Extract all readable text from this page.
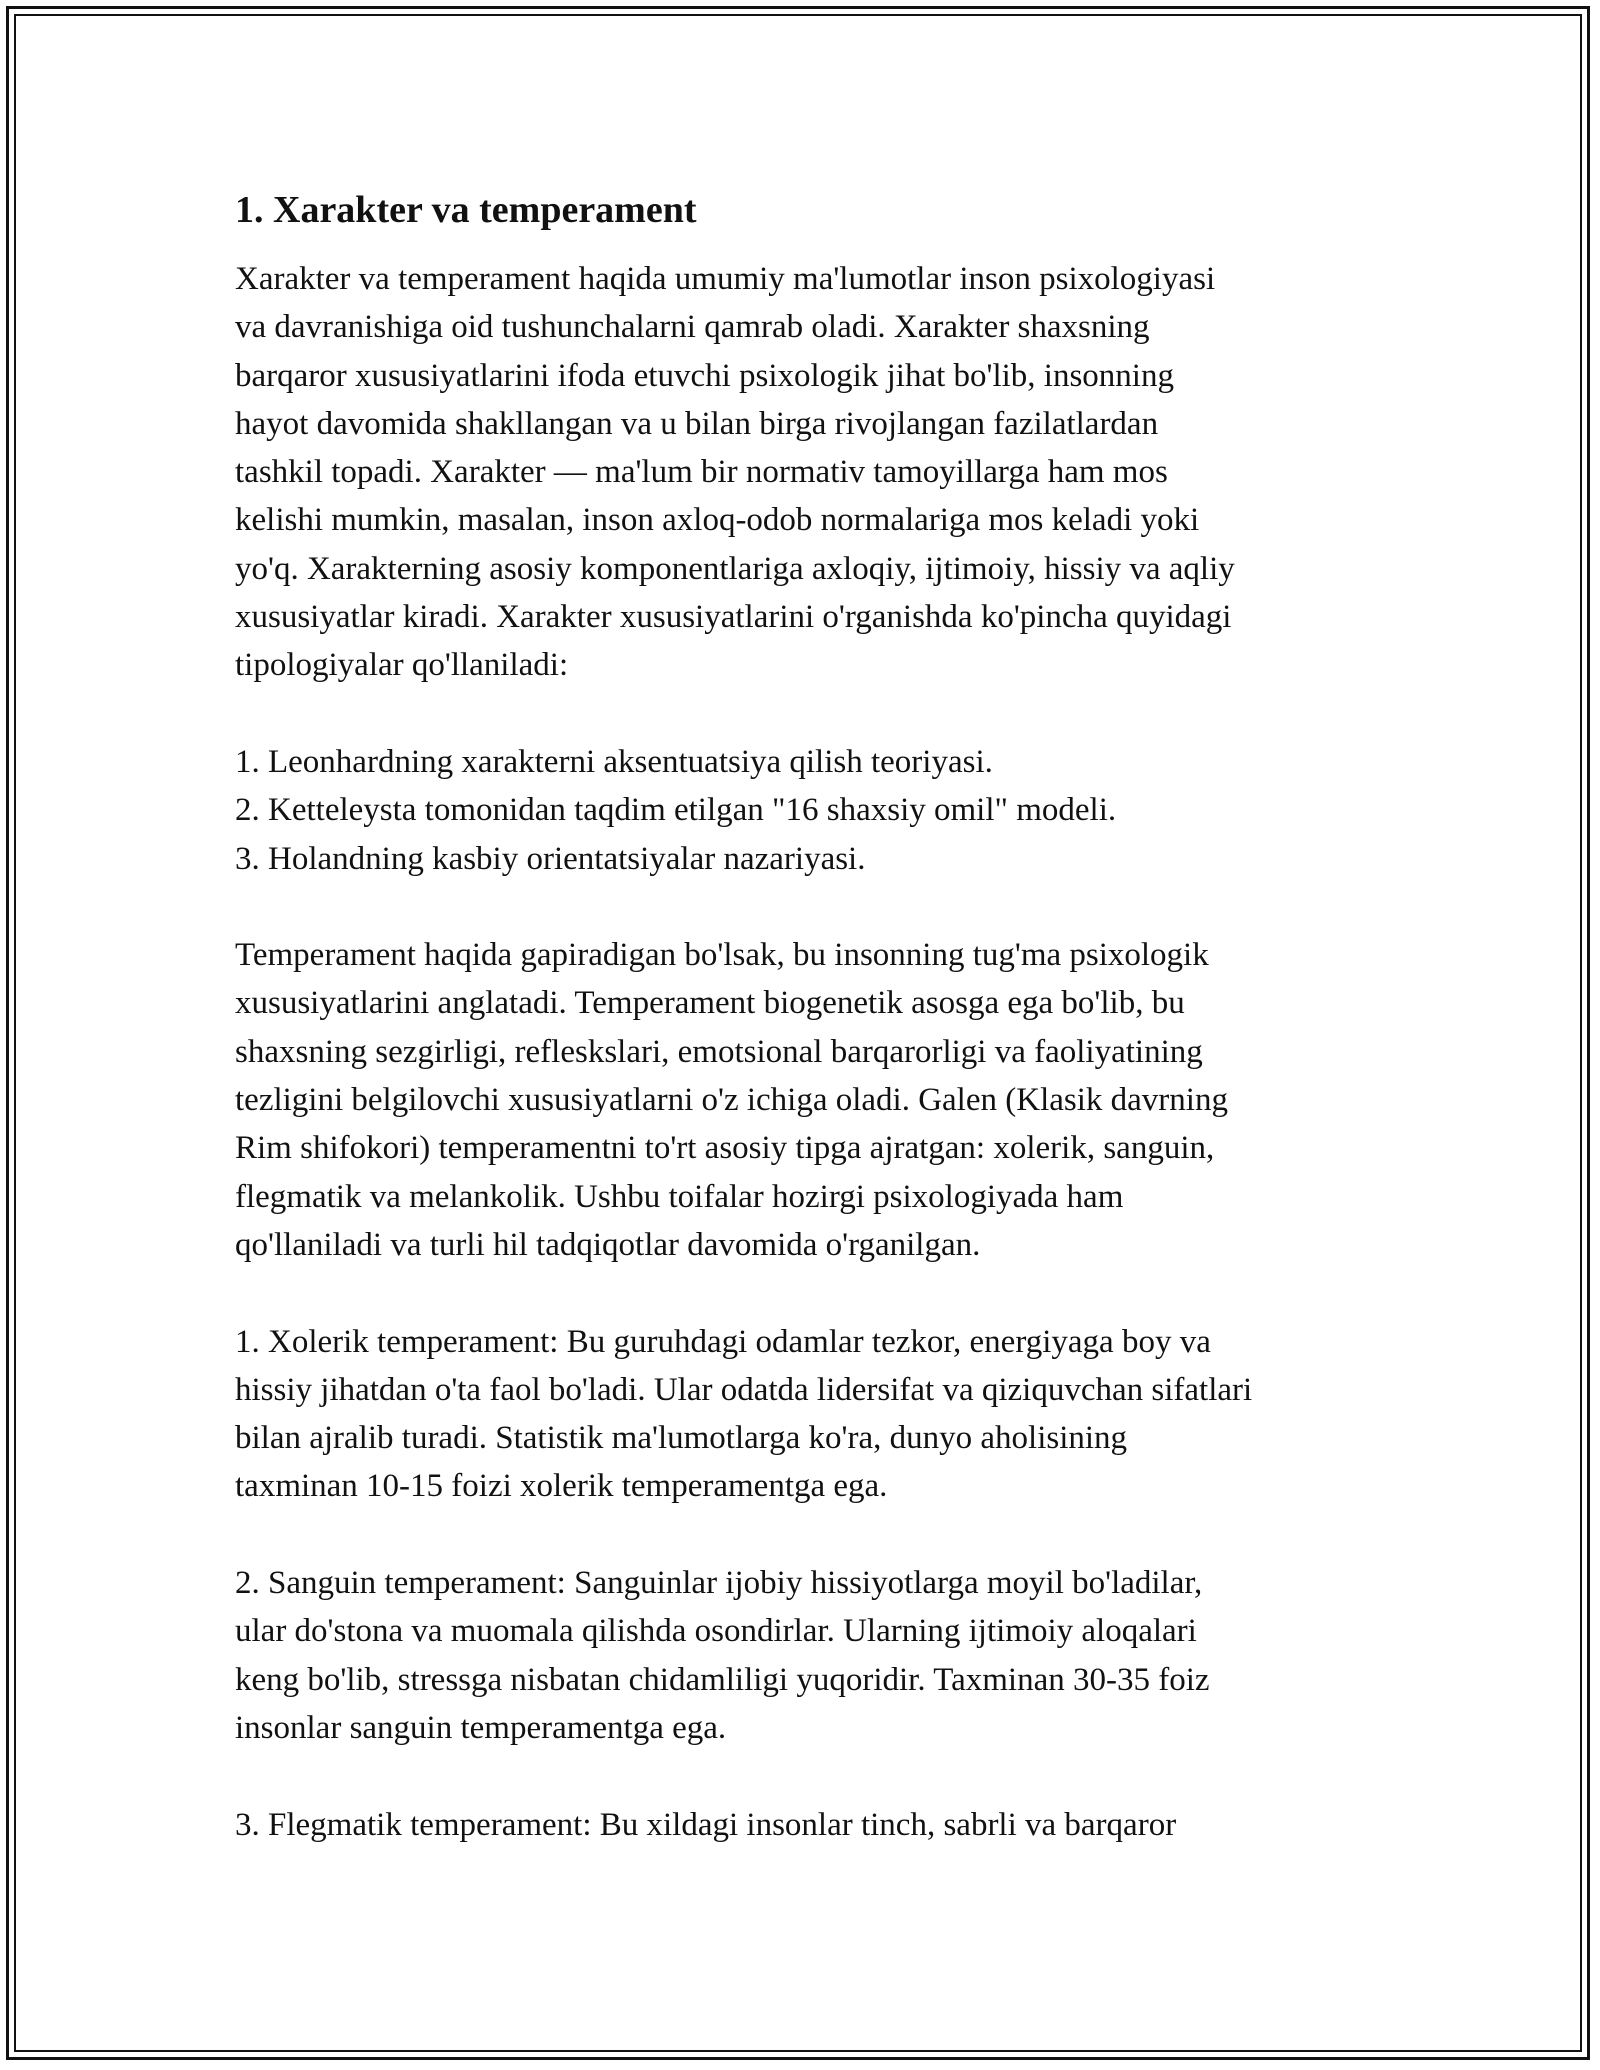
1. Xarakter va temperament

Xarakter va temperament haqida umumiy ma'lumotlar inson psixologiyasi
va davranishiga oid tushunchalarni qamrab oladi. Xarakter shaxsning
barqaror xususiyatlarini ifoda etuvchi psixologik jihat bo'lib, insonning
hayot davomida shakllangan va u bilan birga rivojlangan fazilatlardan
tashkil topadi. Xarakter — ma'lum bir normativ tamoyillarga ham mos
kelishi mumkin, masalan, inson axloq-odob normalariga mos keladi yoki
yo'q. Xarakterning asosiy komponentlariga axloqiy, ijtimoiy, hissiy va aqliy
xususiyatlar kiradi. Xarakter xususiyatlarini o'rganishda ko'pincha quyidagi
tipologiyalar qo'llaniladi:

1. Leonhardning xarakterni aksentuatsiya qilish teoriyasi.

2. Ketteleysta tomonidan taqdim etilgan "16 shaxsiy omil" modeli.

3. Holandning kasbiy orientatsiyalar nazariyasi.

Temperament haqida gapiradigan bo'lsak, bu insonning tug'ma psixologik
xususiyatlarini anglatadi. Temperament biogenetik asosga ega bo'lib, bu
shaxsning sezgirligi, refleskslari, emotsional barqarorligi va faoliyatining
tezligini belgilovchi xususiyatlarni o'z ichiga oladi. Galen (Klasik davrning
Rim shifokori) temperamentni to'rt asosiy tipga ajratgan: xolerik, sanguin,
flegmatik va melankolik. Ushbu toifalar hozirgi psixologiyada ham
qo'llaniladi va turli hil tadqiqotlar davomida o'rganilgan.

1. Xolerik temperament: Bu guruhdagi odamlar tezkor, energiyaga boy va
hissiy jihatdan o'ta faol bo'ladi. Ular odatda lidersifat va qiziquvchan sifatlari
bilan ajralib turadi. Statistik ma'lumotlarga ko'ra, dunyo aholisining
taxminan 10-15 foizi xolerik temperamentga ega.

2. Sanguin temperament: Sanguinlar ijobiy hissiyotlarga moyil bo'ladilar,
ular do'stona va muomala qilishda osondirlar. Ularning ijtimoiy aloqalari
keng bo'lib, stressga nisbatan chidamliligi yuqoridir. Taxminan 30-35 foiz
insonlar sanguin temperamentga ega.

3. Flegmatik temperament: Bu xildagi insonlar tinch, sabrli va barqaror
